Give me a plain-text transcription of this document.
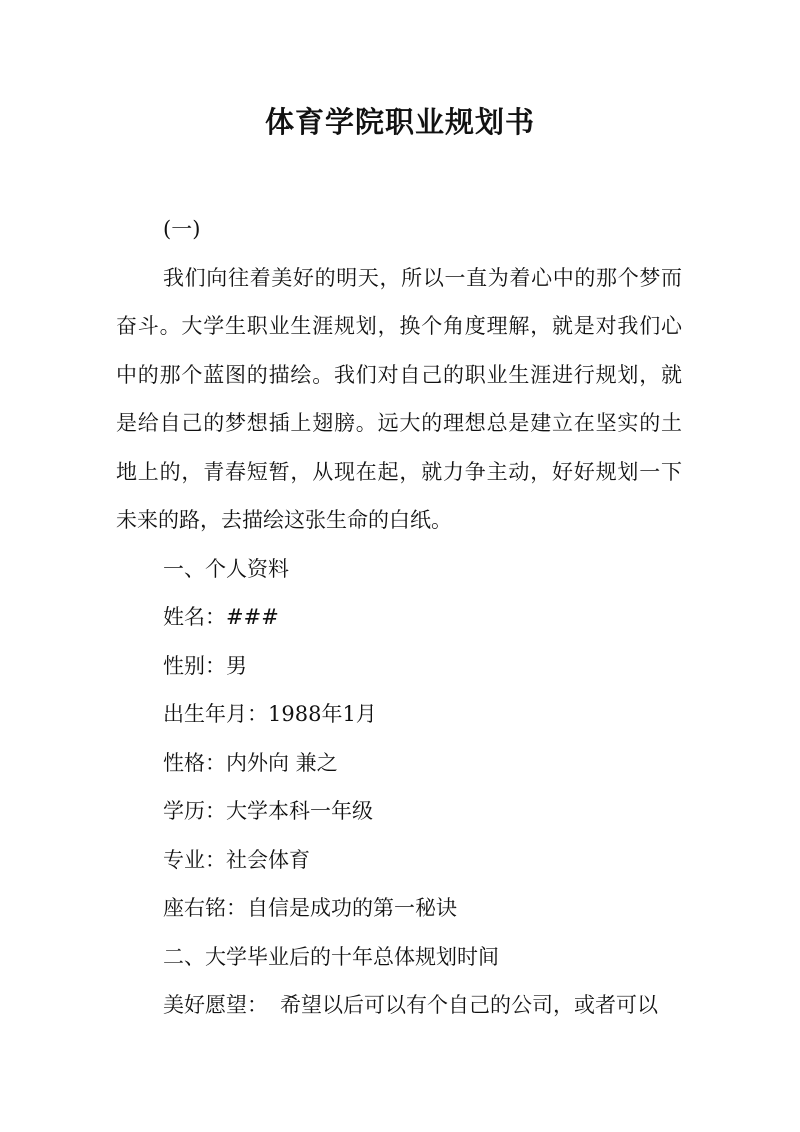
体育学院职业规划书

(一)

我们向往着美好的明天，所以一直为着心中的那个梦而奋斗。大学生职业生涯规划，换个角度理解，就是对我们心中的那个蓝图的描绘。我们对自己的职业生涯进行规划，就是给自己的梦想插上翅膀。远大的理想总是建立在坚实的土地上的，青春短暂，从现在起，就力争主动，好好规划一下未来的路，去描绘这张生命的白纸。

一、个人资料

姓名：###

性别：男

出生年月：1988年1月

性格：内外向 兼之

学历：大学本科一年级

专业：社会体育

座右铭：自信是成功的第一秘诀

二、大学毕业后的十年总体规划时间

美好愿望： 希望以后可以有个自己的公司，或者可以
